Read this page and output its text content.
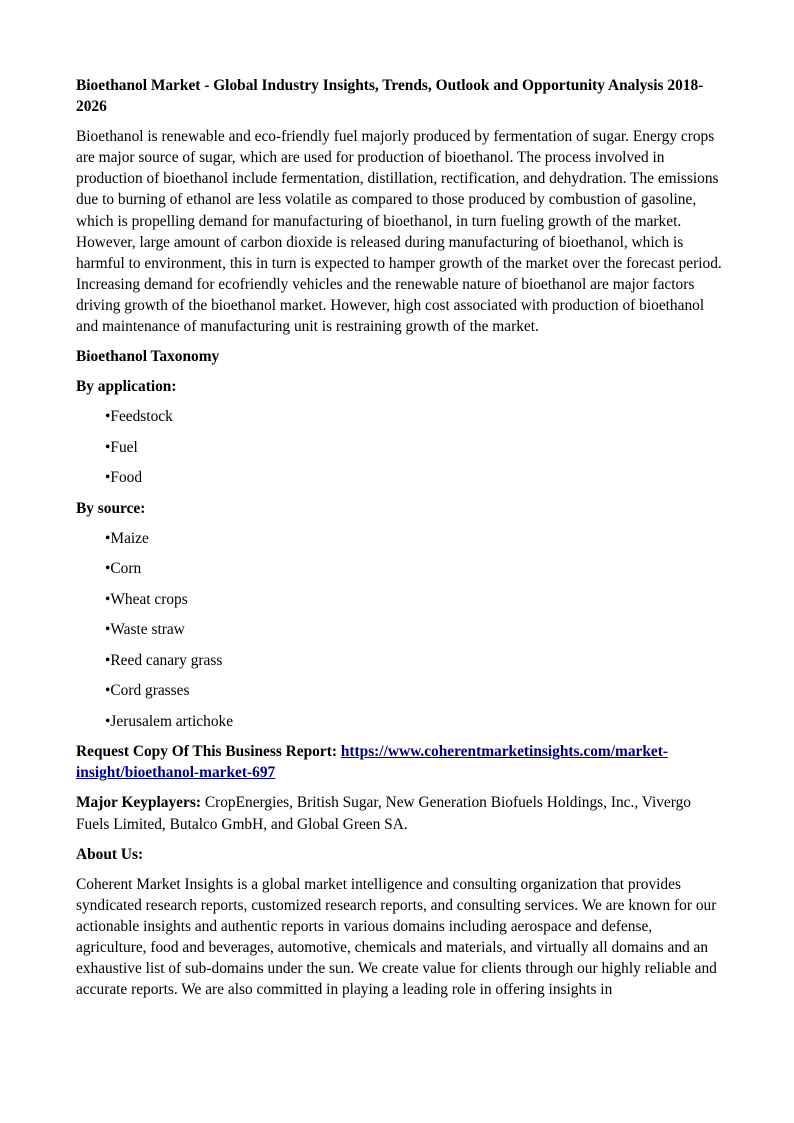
Bioethanol Market - Global Industry Insights, Trends, Outlook and Opportunity Analysis 2018-2026

Bioethanol is renewable and eco-friendly fuel majorly produced by fermentation of sugar. Energy crops are major source of sugar, which are used for production of bioethanol. The process involved in production of bioethanol include fermentation, distillation, rectification, and dehydration. The emissions due to burning of ethanol are less volatile as compared to those produced by combustion of gasoline, which is propelling demand for manufacturing of bioethanol, in turn fueling growth of the market. However, large amount of carbon dioxide is released during manufacturing of bioethanol, which is harmful to environment, this in turn is expected to hamper growth of the market over the forecast period. Increasing demand for ecofriendly vehicles and the renewable nature of bioethanol are major factors driving growth of the bioethanol market. However, high cost associated with production of bioethanol and maintenance of manufacturing unit is restraining growth of the market.

Bioethanol Taxonomy
By application:
•Feedstock
•Fuel
•Food
By source:
•Maize
•Corn
•Wheat crops
•Waste straw
•Reed canary grass
•Cord grasses
•Jerusalem artichoke

Request Copy Of This Business Report: https://www.coherentmarketinsights.com/market-insight/bioethanol-market-697

Major Keyplayers: CropEnergies, British Sugar, New Generation Biofuels Holdings, Inc., Vivergo Fuels Limited, Butalco GmbH, and Global Green SA.

About Us:

Coherent Market Insights is a global market intelligence and consulting organization that provides syndicated research reports, customized research reports, and consulting services. We are known for our actionable insights and authentic reports in various domains including aerospace and defense, agriculture, food and beverages, automotive, chemicals and materials, and virtually all domains and an exhaustive list of sub-domains under the sun. We create value for clients through our highly reliable and accurate reports. We are also committed in playing a leading role in offering insights in
